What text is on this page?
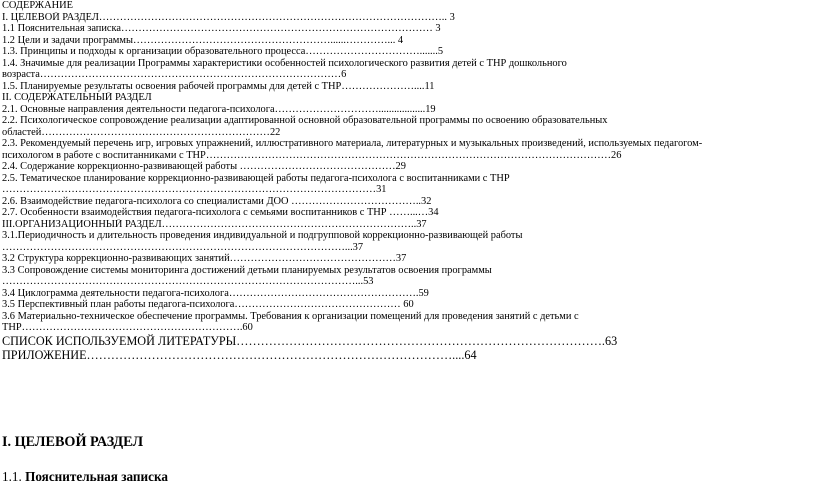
СОДЕРЖАНИЕ
I. ЦЕЛЕВОЙ РАЗДЕЛ……………………………………………………………………………………….. 3
1.1 Пояснительная записка……………………………………………………………………………… 3
1.2 Цели и задачи программы…………………………………………………......…………... 4
1.3. Принципы и подходы к организации образовательного процесса…………………………….......5
1.4. Значимые для реализации Программы характеристики особенностей психологического развития детей с ТНР дошкольного
возраста……………………………………………………………………………6
1.5. Планируемые результаты освоения рабочей программы для детей с ТНР…………………....11
II. СОДЕРЖАТЕЛЬНЫЙ РАЗДЕЛ
2.1. Основные направления деятельности педагога-психолога…………………………..................19
2.2. Психологическое сопровождение реализации адаптированной основной образовательной программы по освоению образовательных
областей…………………………………………………………22
2.3. Рекомендуемый перечень игр, игровых упражнений, иллюстративного материала, литературных и музыкальных произведений, используемых педагогом-
психологом в работе с воспитанниками с ТНР………………………………………………………………………………………………………26
2.4. Содержание коррекционно-развивающей работы ………………………………………29
2.5. Тематическое планирование коррекционно-развивающей работы педагога-психолога с воспитанниками с ТНР
………………………………………………………………………………………………31
2.6. Взаимодействие педагога-психолога со специалистами ДОО ………………………………..32
2.7. Особенности взаимодействия педагога-психолога с семьями воспитанников с ТНР ……...…34
III.ОРГАНИЗАЦИОННЫЙ РАЗДЕЛ………………………………………………………………..37
3.1.Периодичность и длительность проведения индивидуальной и подгрупповой коррекционно-развивающей работы
………………………………………………………………………………………...37
3.2 Структура коррекционно-развивающих занятий…………………………………………37
3.3 Сопровождение системы мониторинга достижений детьми планируемых результатов освоения программы
…………………………………………………………………………………………...53
3.4 Циклограмма деятельности педагога-психолога……………………………………………….59
3.5 Перспективный план работы педагога-психолога………………………………………… 60
3.6 Материально-техническое обеспечение программы. Требования к организации помещений для проведения занятий с детьми с
ТНР……………………………………………………….60
СПИСОК ИСПОЛЬЗУЕМОЙ ЛИТЕРАТУРЫ……………………………………………………………………………….63
ПРИЛОЖЕНИЕ………………………………………………………………………………....64
I. ЦЕЛЕВОЙ РАЗДЕЛ
1.1. Пояснительная записка
